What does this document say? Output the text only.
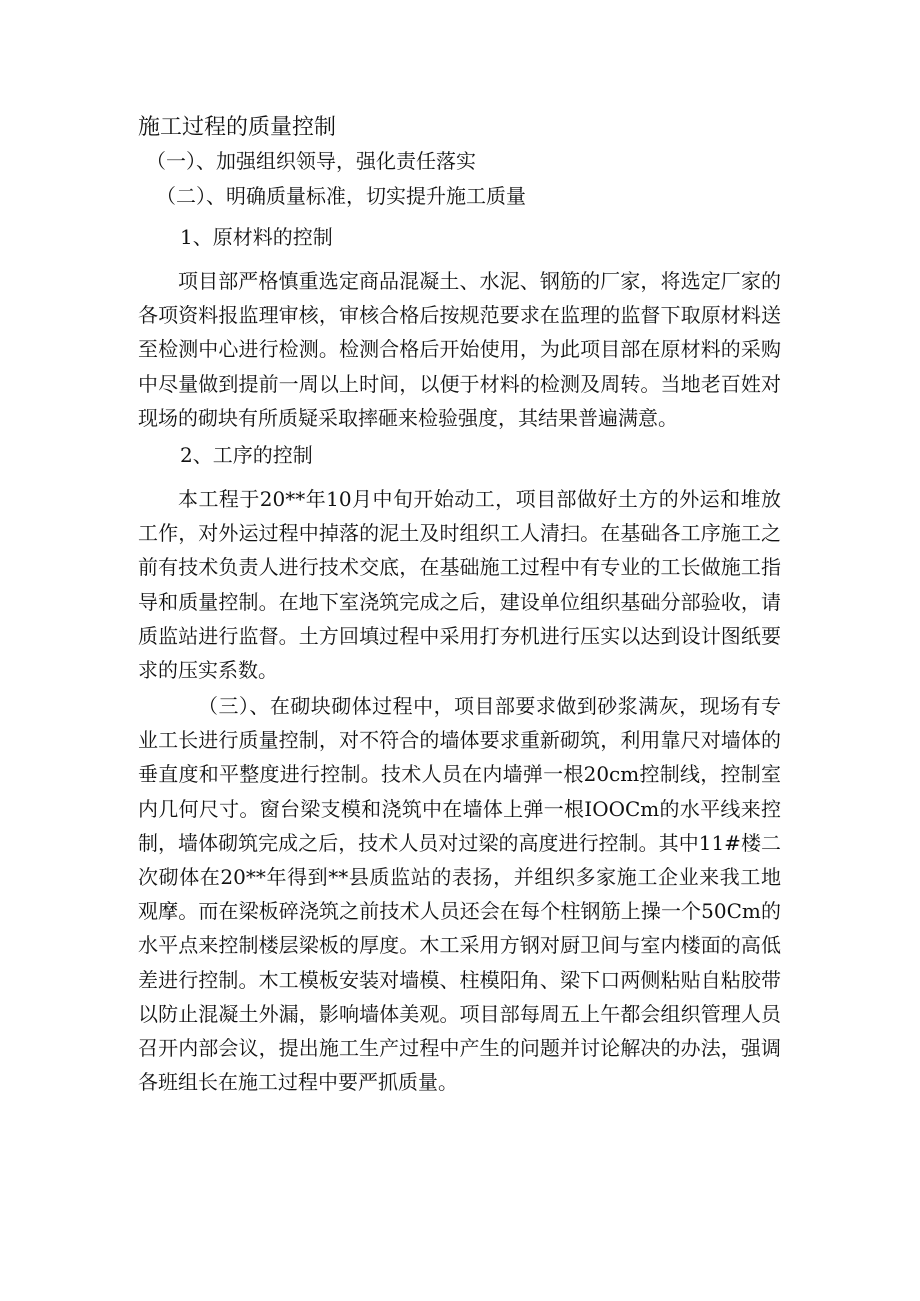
施工过程的质量控制
（一）、加强组织领导，强化责任落实
（二）、明确质量标准，切实提升施工质量
1、原材料的控制

项目部严格慎重选定商品混凝土、水泥、钢筋的厂家，将选定厂家的各项资料报监理审核，审核合格后按规范要求在监理的监督下取原材料送至检测中心进行检测。检测合格后开始使用，为此项目部在原材料的采购中尽量做到提前一周以上时间，以便于材料的检测及周转。当地老百姓对现场的砌块有所质疑采取摔砸来检验强度，其结果普遍满意。

2、工序的控制

本工程于20**年10月中旬开始动工，项目部做好土方的外运和堆放工作，对外运过程中掉落的泥土及时组织工人清扫。在基础各工序施工之前有技术负责人进行技术交底，在基础施工过程中有专业的工长做施工指导和质量控制。在地下室浇筑完成之后，建设单位组织基础分部验收，请质监站进行监督。土方回填过程中采用打夯机进行压实以达到设计图纸要求的压实系数。

（三）、在砌块砌体过程中，项目部要求做到砂浆满灰，现场有专业工长进行质量控制，对不符合的墙体要求重新砌筑，利用靠尺对墙体的垂直度和平整度进行控制。技术人员在内墙弹一根20cm控制线，控制室内几何尺寸。窗台梁支模和浇筑中在墙体上弹一根IOOCm的水平线来控制，墙体砌筑完成之后，技术人员对过梁的高度进行控制。其中11#楼二次砌体在20**年得到**县质监站的表扬，并组织多家施工企业来我工地观摩。而在梁板碎浇筑之前技术人员还会在每个柱钢筋上操一个50Cm的水平点来控制楼层梁板的厚度。木工采用方钢对厨卫间与室内楼面的高低差进行控制。木工模板安装对墙模、柱模阳角、梁下口两侧粘贴自粘胶带以防止混凝土外漏，影响墙体美观。项目部每周五上午都会组织管理人员召开内部会议，提出施工生产过程中产生的问题并讨论解决的办法，强调各班组长在施工过程中要严抓质量。
